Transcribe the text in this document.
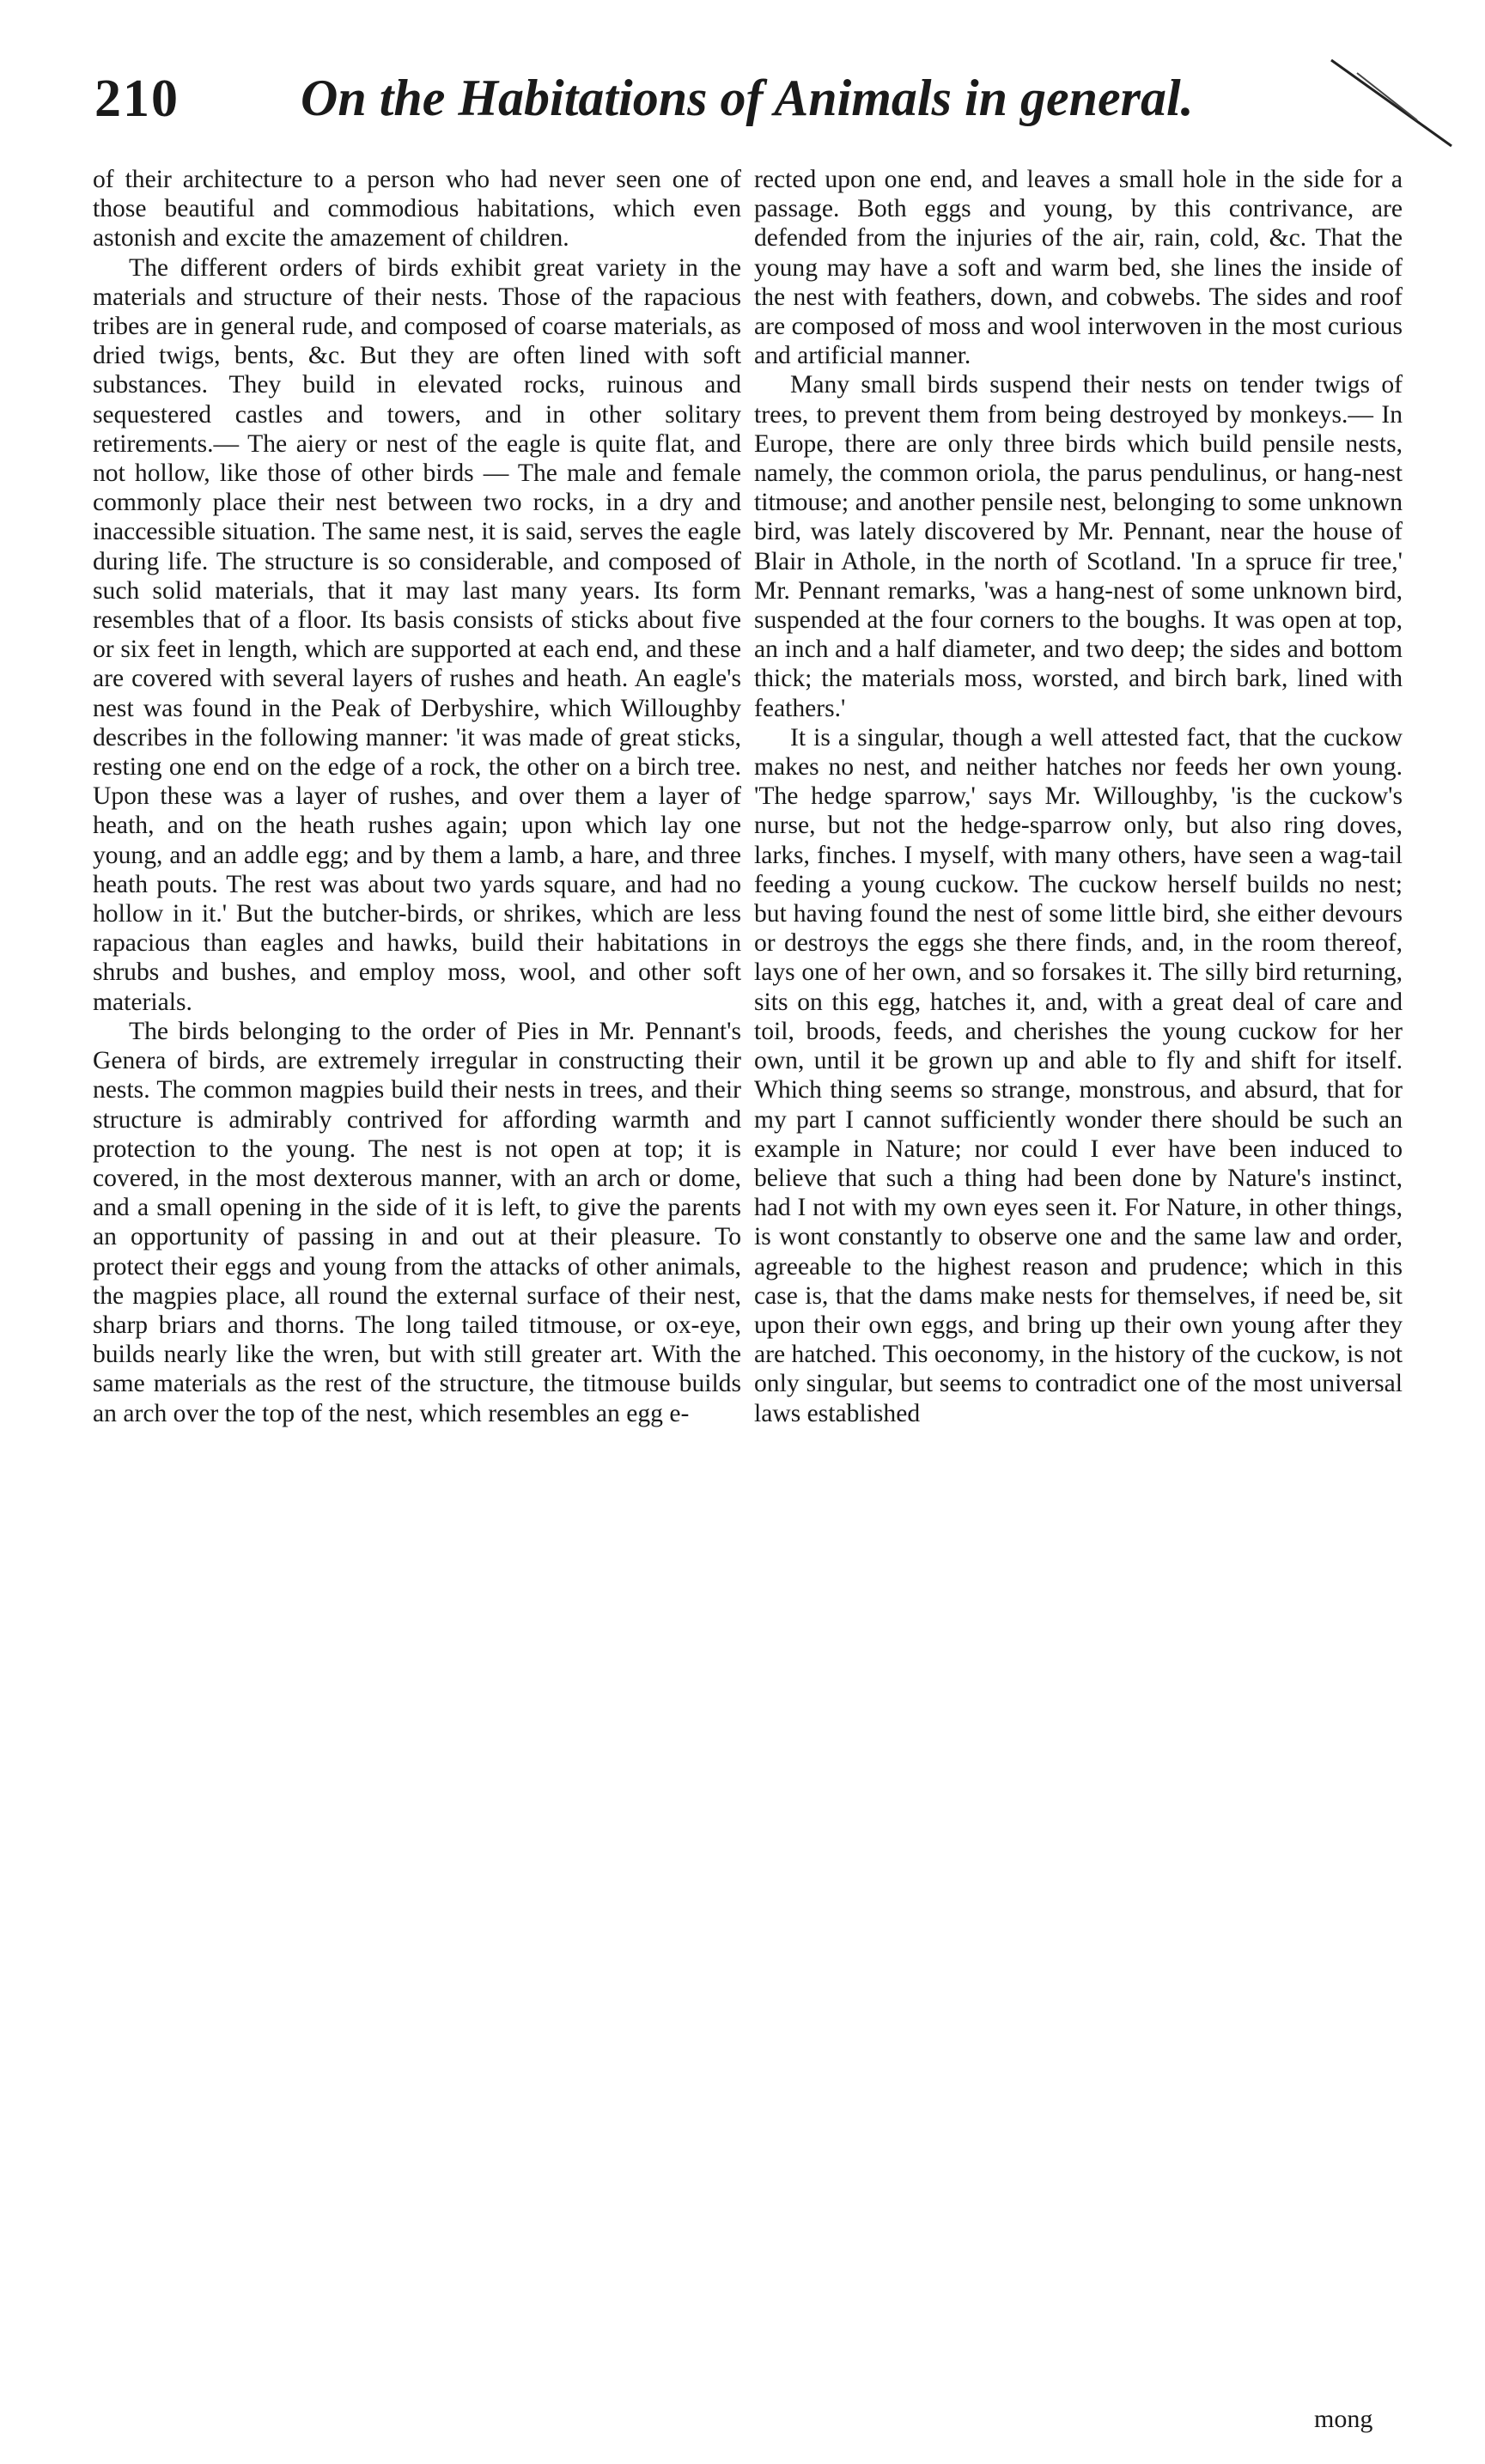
210 On the Habitations of Animals in general.

of their architecture to a person who had never seen one of those beautiful and commodious habitations, which even astonish and excite the amazement of children.

The different orders of birds exhibit great variety in the materials and structure of their nests. Those of the rapacious tribes are in general rude, and composed of coarse materials, as dried twigs, bents, &c. But they are often lined with soft substances. They build in elevated rocks, ruinous and sequestered castles and towers, and in other solitary retirements.— The aiery or nest of the eagle is quite flat, and not hollow, like those of other birds — The male and female commonly place their nest between two rocks, in a dry and inaccessible situation. The same nest, it is said, serves the eagle during life. The structure is so considerable, and composed of such solid materials, that it may last many years. Its form resembles that of a floor. Its basis consists of sticks about five or six feet in length, which are supported at each end, and these are covered with several layers of rushes and heath. An eagle's nest was found in the Peak of Derbyshire, which Willoughby describes in the following manner: 'it was made of great sticks, resting one end on the edge of a rock, the other on a birch tree. Upon these was a layer of rushes, and over them a layer of heath, and on the heath rushes again; upon which lay one young, and an addle egg; and by them a lamb, a hare, and three heath pouts. The rest was about two yards square, and had no hollow in it.' But the butcher-birds, or shrikes, which are less rapacious than eagles and hawks, build their habitations in shrubs and bushes, and employ moss, wool, and other soft materials.

The birds belonging to the order of Pies in Mr. Pennant's Genera of birds, are extremely irregular in constructing their nests. The common magpies build their nests in trees, and their structure is admirably contrived for affording warmth and protection to the young. The nest is not open at top; it is covered, in the most dexterous manner, with an arch or dome, and a small opening in the side of it is left, to give the parents an opportunity of passing in and out at their pleasure. To protect their eggs and young from the attacks of other animals, the magpies place, all round the external surface of their nest, sharp briars and thorns. The long tailed titmouse, or ox-eye, builds nearly like the wren, but with still greater art. With the same materials as the rest of the structure, the titmouse builds an arch over the top of the nest, which resembles an egg e-

rected upon one end, and leaves a small hole in the side for a passage. Both eggs and young, by this contrivance, are defended from the injuries of the air, rain, cold, &c. That the young may have a soft and warm bed, she lines the inside of the nest with feathers, down, and cobwebs. The sides and roof are composed of moss and wool interwoven in the most curious and artificial manner.

Many small birds suspend their nests on tender twigs of trees, to prevent them from being destroyed by monkeys.— In Europe, there are only three birds which build pensile nests, namely, the common oriola, the parus pendulinus, or hang-nest titmouse; and another pensile nest, belonging to some unknown bird, was lately discovered by Mr. Pennant, near the house of Blair in Athole, in the north of Scotland. 'In a spruce fir tree,' Mr. Pennant remarks, 'was a hang-nest of some unknown bird, suspended at the four corners to the boughs. It was open at top, an inch and a half diameter, and two deep; the sides and bottom thick; the materials moss, worsted, and birch bark, lined with feathers.'

It is a singular, though a well attested fact, that the cuckow makes no nest, and neither hatches nor feeds her own young. 'The hedge sparrow,' says Mr. Willoughby, 'is the cuckow's nurse, but not the hedge-sparrow only, but also ring doves, larks, finches. I myself, with many others, have seen a wag-tail feeding a young cuckow. The cuckow herself builds no nest; but having found the nest of some little bird, she either devours or destroys the eggs she there finds, and, in the room thereof, lays one of her own, and so forsakes it. The silly bird returning, sits on this egg, hatches it, and, with a great deal of care and toil, broods, feeds, and cherishes the young cuckow for her own, until it be grown up and able to fly and shift for itself. Which thing seems so strange, monstrous, and absurd, that for my part I cannot sufficiently wonder there should be such an example in Nature; nor could I ever have been induced to believe that such a thing had been done by Nature's instinct, had I not with my own eyes seen it. For Nature, in other things, is wont constantly to observe one and the same law and order, agreeable to the highest reason and prudence; which in this case is, that the dams make nests for themselves, if need be, sit upon their own eggs, and bring up their own young after they are hatched. This oeconomy, in the history of the cuckow, is not only singular, but seems to contradict one of the most universal laws established

mong
